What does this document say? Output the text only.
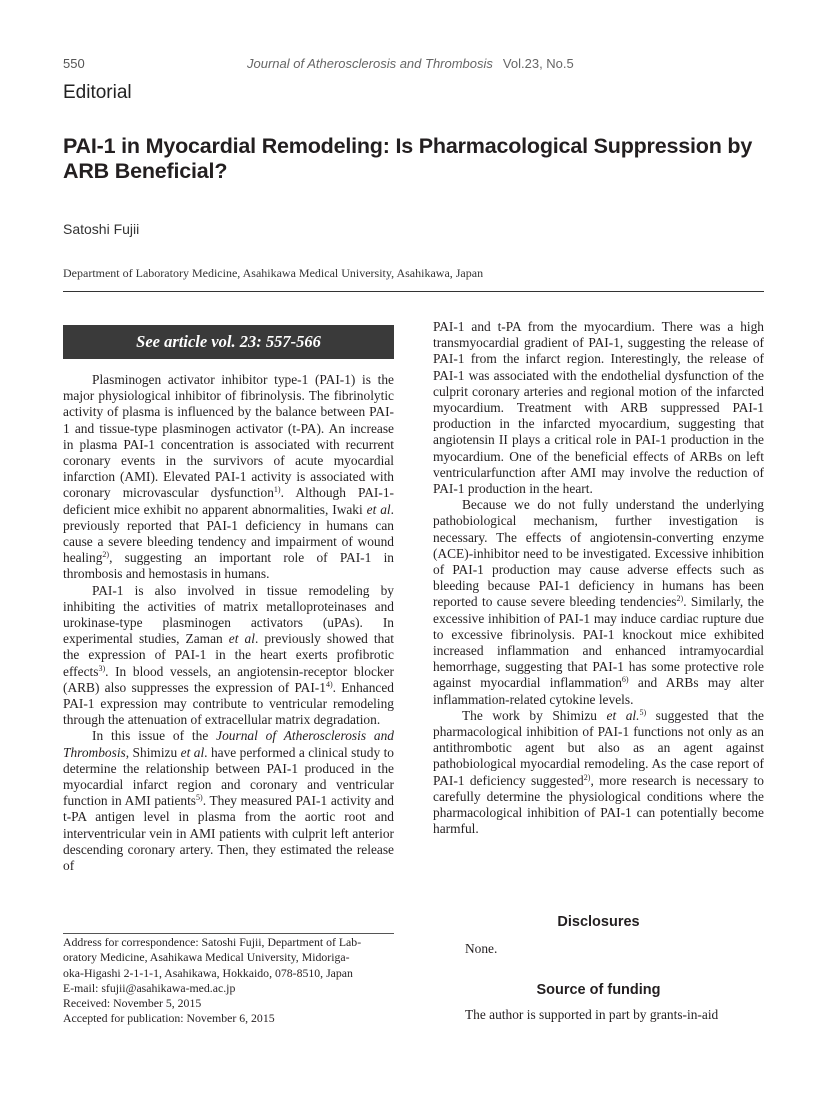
550	Journal of Atherosclerosis and Thrombosis Vol.23, No.5
Editorial
PAI-1 in Myocardial Remodeling: Is Pharmacological Suppression by
ARB Beneficial?
Satoshi Fujii
Department of Laboratory Medicine, Asahikawa Medical University, Asahikawa, Japan
See article vol. 23: 557-566

Plasminogen activator inhibitor type-1 (PAI-1) is the major physiological inhibitor of fibrinolysis. The fibrinolytic activity of plasma is influenced by the balance between PAI-1 and tissue-type plasminogen activator (t-PA). An increase in plasma PAI-1 concentration is associated with recurrent coronary events in the survivors of acute myocardial infarction (AMI). Elevated PAI-1 activity is associated with coronary microvascular dysfunction$^{1)}$. Although PAI-1-deficient mice exhibit no apparent abnormalities, Iwaki et al. previously reported that PAI-1 deficiency in humans can cause a severe bleeding tendency and impairment of wound healing$^{2)}$, suggesting an important role of PAI-1 in thrombosis and hemostasis in humans.

PAI-1 is also involved in tissue remodeling by inhibiting the activities of matrix metalloproteinases and urokinase-type plasminogen activators (uPAs). In experimental studies, Zaman et al. previously showed that the expression of PAI-1 in the heart exerts profibrotic effects$^{3)}$. In blood vessels, an angiotensin-receptor blocker (ARB) also suppresses the expression of PAI-1$^{4)}$. Enhanced PAI-1 expression may contribute to ventricular remodeling through the attenuation of extracellular matrix degradation.

In this issue of the Journal of Atherosclerosis and Thrombosis, Shimizu et al. have performed a clinical study to determine the relationship between PAI-1 produced in the myocardial infarct region and coronary and ventricular function in AMI patients$^{5)}$. They measured PAI-1 activity and t-PA antigen level in plasma from the aortic root and interventricular vein in AMI patients with culprit left anterior descending coronary artery. Then, they estimated the release of

Address for correspondence: Satoshi Fujii, Department of Lab-
oratory Medicine, Asahikawa Medical University, Midorigа-
oka-Higashi 2-1-1-1, Asahikawa, Hokkaido, 078-8510, Japan
E-mail: sfujii@asahikawa-med.ac.jp
Received: November 5, 2015
Accepted for publication: November 6, 2015
Disclosures
None.
Source of funding
The author is supported in part by grants-in-aid

PAI-1 and t-PA from the myocardium. There was a high transmyocardial gradient of PAI-1, suggesting the release of PAI-1 from the infarct region. Interestingly, the release of PAI-1 was associated with the endothelial dysfunction of the culprit coronary arteries and regional motion of the infarcted myocardium. Treatment with ARB suppressed PAI-1 production in the infarcted myocardium, suggesting that angiotensin II plays a critical role in PAI-1 production in the myocardium. One of the beneficial effects of ARBs on left ventricularfunction after AMI may involve the reduction of PAI-1 production in the heart.

Because we do not fully understand the underlying pathobiological mechanism, further investigation is necessary. The effects of angiotensin-converting enzyme (ACE)-inhibitor need to be investigated. Excessive inhibition of PAI-1 production may cause adverse effects such as bleeding because PAI-1 deficiency in humans has been reported to cause severe bleeding tendencies$^{2)}$. Similarly, the excessive inhibition of PAI-1 may induce cardiac rupture due to excessive fibrinolysis. PAI-1 knockout mice exhibited increased inflammation and enhanced intramyocardial hemorrhage, suggesting that PAI-1 has some protective role against myocardial inflammation$^{6)}$ and ARBs may alter inflammation-related cytokine levels.

The work by Shimizu et al.$^{5)}$ suggested that the pharmacological inhibition of PAI-1 functions not only as an antithrombotic agent but also as an agent against pathobiological myocardial remodeling. As the case report of PAI-1 deficiency suggested$^{2)}$, more research is necessary to carefully determine the physiological conditions where the pharmacological inhibition of PAI-1 can potentially become harmful.
